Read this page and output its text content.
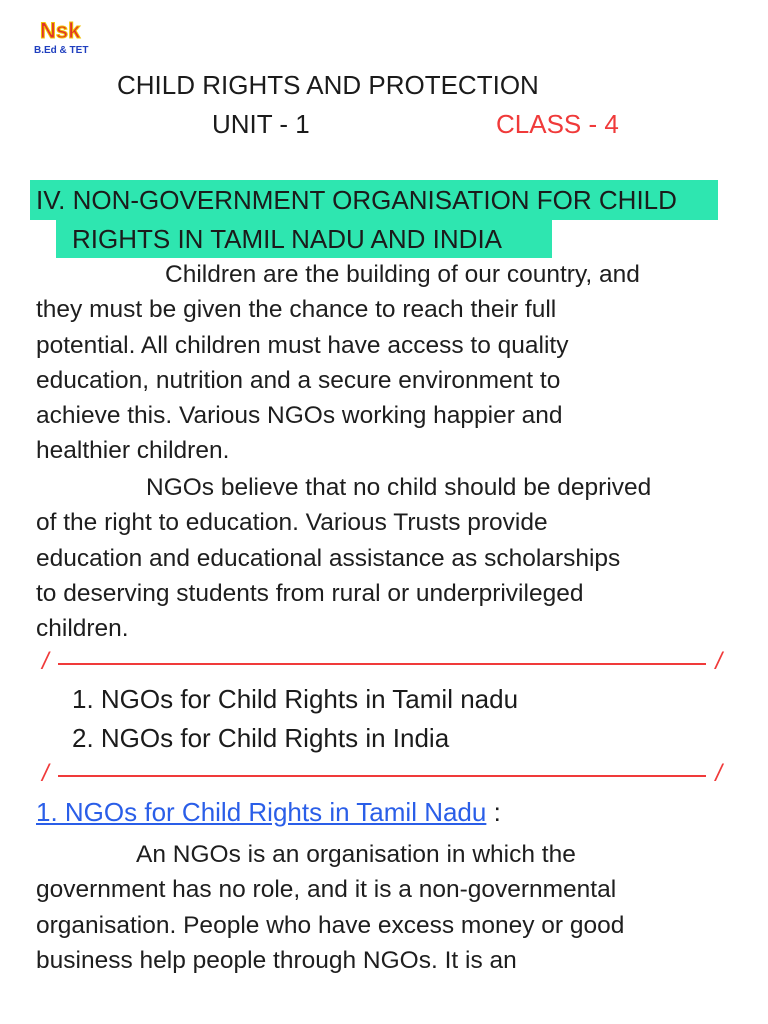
Nsk
B.Ed & TET
CHILD RIGHTS AND PROTECTION
UNIT - 1	CLASS - 4
IV. NON-GOVERNMENT ORGANISATION FOR CHILD
RIGHTS IN TAMIL NADU AND INDIA
Children are the building of our country, and
they must be given the chance to reach their full
potential. All children must have access to quality
education, nutrition and a secure environment to
achieve this. Various NGOs working happier and
healthier children.
NGOs believe that no child should be deprived
of the right to education. Various Trusts provide
education and educational assistance as scholarships
to deserving students from rural or underprivileged
children.
/	/
1. NGOs for Child Rights in Tamil nadu
2. NGOs for Child Rights in India
/	/
1. NGOs for Child Rights in Tamil Nadu :
An NGOs is an organisation in which the
government has no role, and it is a non-governmental
organisation. People who have excess money or good
business help people through NGOs. It is an
